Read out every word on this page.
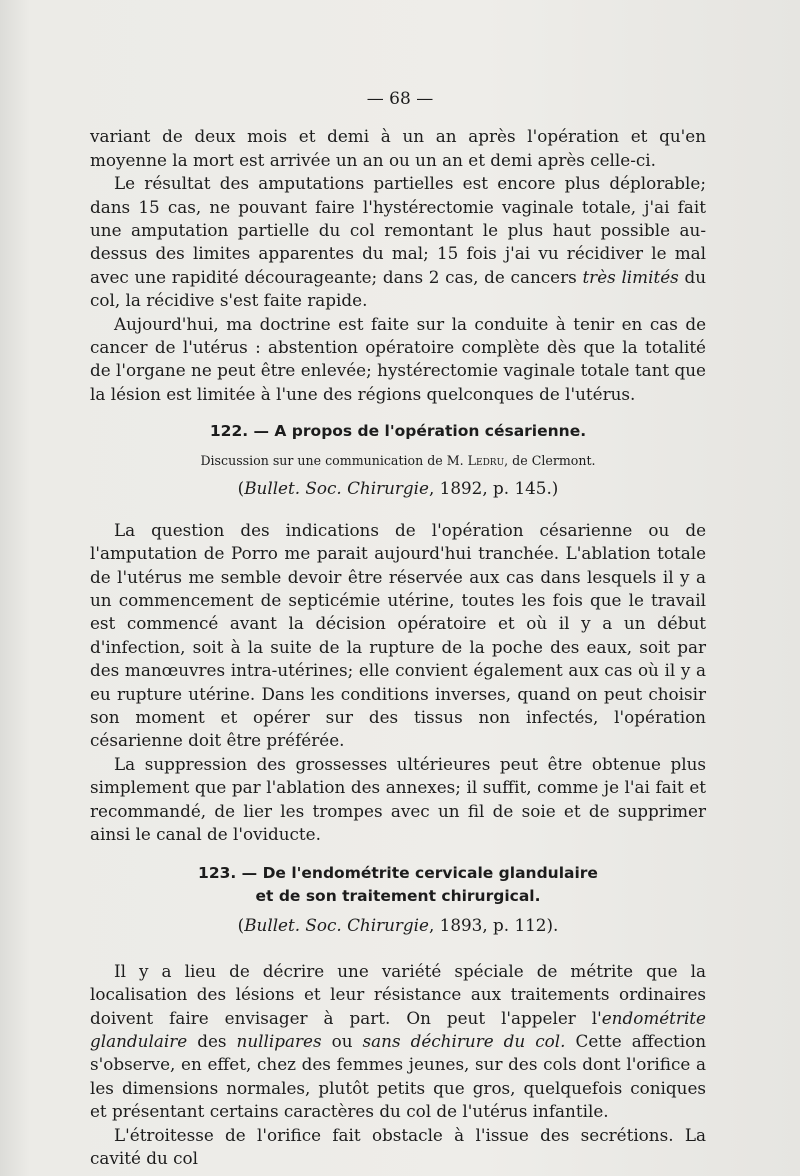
— 68 —

variant de deux mois et demi à un an après l'opération et qu'en moyenne la mort est arrivée un an ou un an et demi après celle-ci.

Le résultat des amputations partielles est encore plus déplorable; dans 15 cas, ne pouvant faire l'hystérectomie vaginale totale, j'ai fait une amputation partielle du col remontant le plus haut possible au-dessus des limites apparentes du mal; 15 fois j'ai vu récidiver le mal avec une rapidité décourageante; dans 2 cas, de cancers très limités du col, la récidive s'est faite rapide.

Aujourd'hui, ma doctrine est faite sur la conduite à tenir en cas de cancer de l'utérus : abstention opératoire complète dès que la totalité de l'organe ne peut être enlevée; hystérectomie vaginale totale tant que la lésion est limitée à l'une des régions quelconques de l'utérus.

122. — A propos de l'opération césarienne.
Discussion sur une communication de M. Ledru, de Clermont.
(Bullet. Soc. Chirurgie, 1892, p. 145.)

La question des indications de l'opération césarienne ou de l'amputation de Porro me parait aujourd'hui tranchée. L'ablation totale de l'utérus me semble devoir être réservée aux cas dans lesquels il y a un commencement de septicémie utérine, toutes les fois que le travail est commencé avant la décision opératoire et où il y a un début d'infection, soit à la suite de la rupture de la poche des eaux, soit par des manœuvres intra-utérines; elle convient également aux cas où il y a eu rupture utérine. Dans les conditions inverses, quand on peut choisir son moment et opérer sur des tissus non infectés, l'opération césarienne doit être préférée.

La suppression des grossesses ultérieures peut être obtenue plus simplement que par l'ablation des annexes; il suffit, comme je l'ai fait et recommandé, de lier les trompes avec un fil de soie et de supprimer ainsi le canal de l'oviducte.

123. — De l'endométrite cervicale glandulaire
et de son traitement chirurgical.
(Bullet. Soc. Chirurgie, 1893, p. 112).

Il y a lieu de décrire une variété spéciale de métrite que la localisation des lésions et leur résistance aux traitements ordinaires doivent faire envisager à part. On peut l'appeler l'endométrite glandulaire des nullipares ou sans déchirure du col. Cette affection s'observe, en effet, chez des femmes jeunes, sur des cols dont l'orifice a les dimensions normales, plutôt petits que gros, quelquefois coniques et présentant certains caractères du col de l'utérus infantile.

L'étroitesse de l'orifice fait obstacle à l'issue des secrétions. La cavité du col
